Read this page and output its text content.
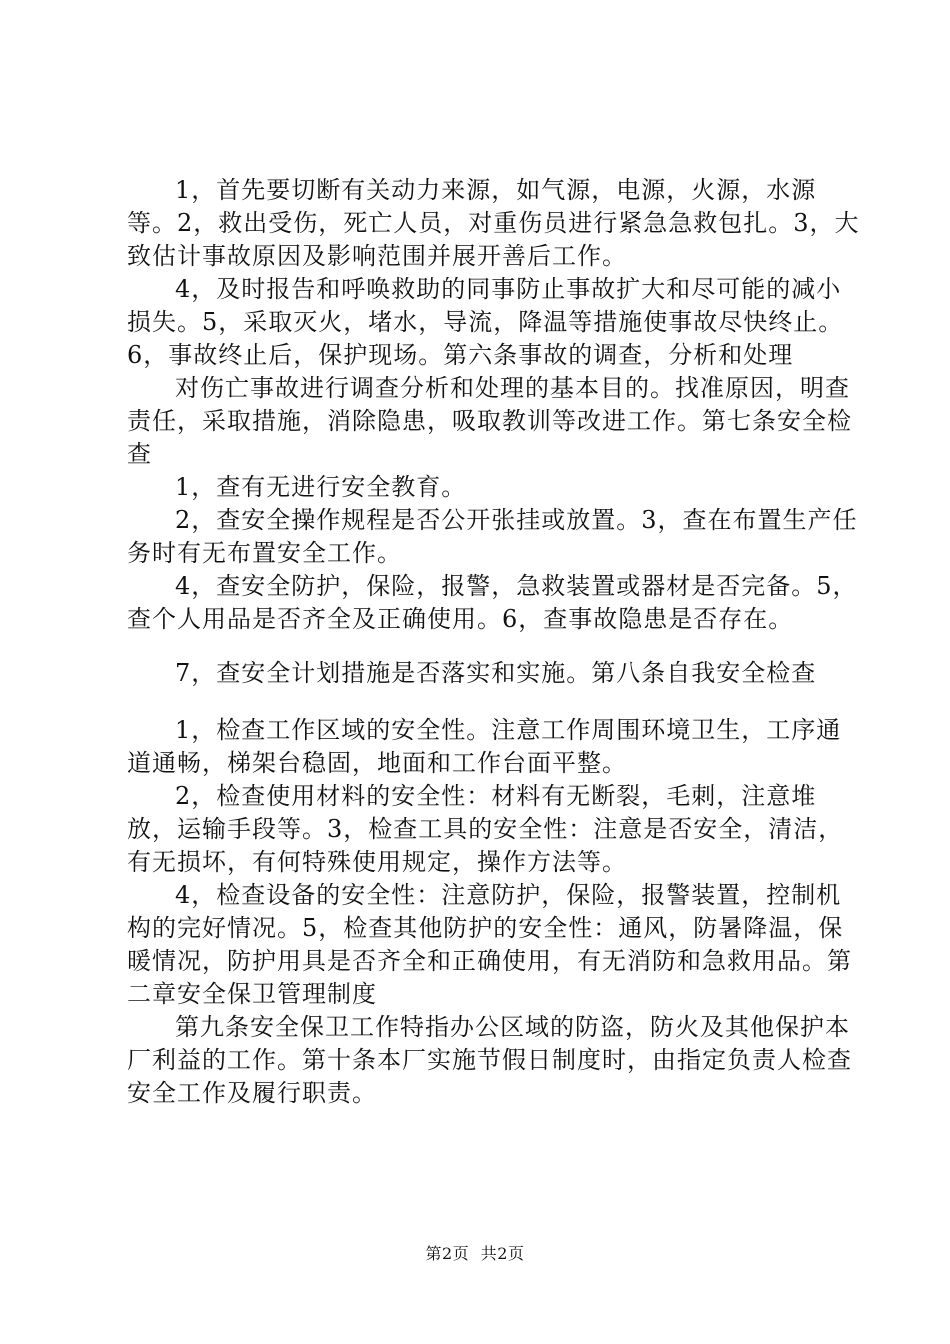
1，首先要切断有关动力来源，如气源，电源，火源，水源等。2，救出受伤，死亡人员，对重伤员进行紧急急救包扎。3，大致估计事故原因及影响范围并展开善后工作。

4，及时报告和呼唤救助的同事防止事故扩大和尽可能的减小损失。5，采取灭火，堵水，导流，降温等措施使事故尽快终止。6，事故终止后，保护现场。第六条事故的调查，分析和处理

对伤亡事故进行调查分析和处理的基本目的。找准原因，明查责任，采取措施，消除隐患，吸取教训等改进工作。第七条安全检查

1，查有无进行安全教育。

2，查安全操作规程是否公开张挂或放置。3，查在布置生产任务时有无布置安全工作。

4，查安全防护，保险，报警，急救装置或器材是否完备。5，查个人用品是否齐全及正确使用。6，查事故隐患是否存在。

7，查安全计划措施是否落实和实施。第八条自我安全检查

1，检查工作区域的安全性。注意工作周围环境卫生，工序通道通畅，梯架台稳固，地面和工作台面平整。

2，检查使用材料的安全性：材料有无断裂，毛刺，注意堆放，运输手段等。3，检查工具的安全性：注意是否安全，清洁，有无损坏，有何特殊使用规定，操作方法等。

4，检查设备的安全性：注意防护，保险，报警装置，控制机构的完好情况。5，检查其他防护的安全性：通风，防暑降温，保暖情况，防护用具是否齐全和正确使用，有无消防和急救用品。第二章安全保卫管理制度

第九条安全保卫工作特指办公区域的防盗，防火及其他保护本厂利益的工作。第十条本厂实施节假日制度时，由指定负责人检查安全工作及履行职责。

第2页 共2页
